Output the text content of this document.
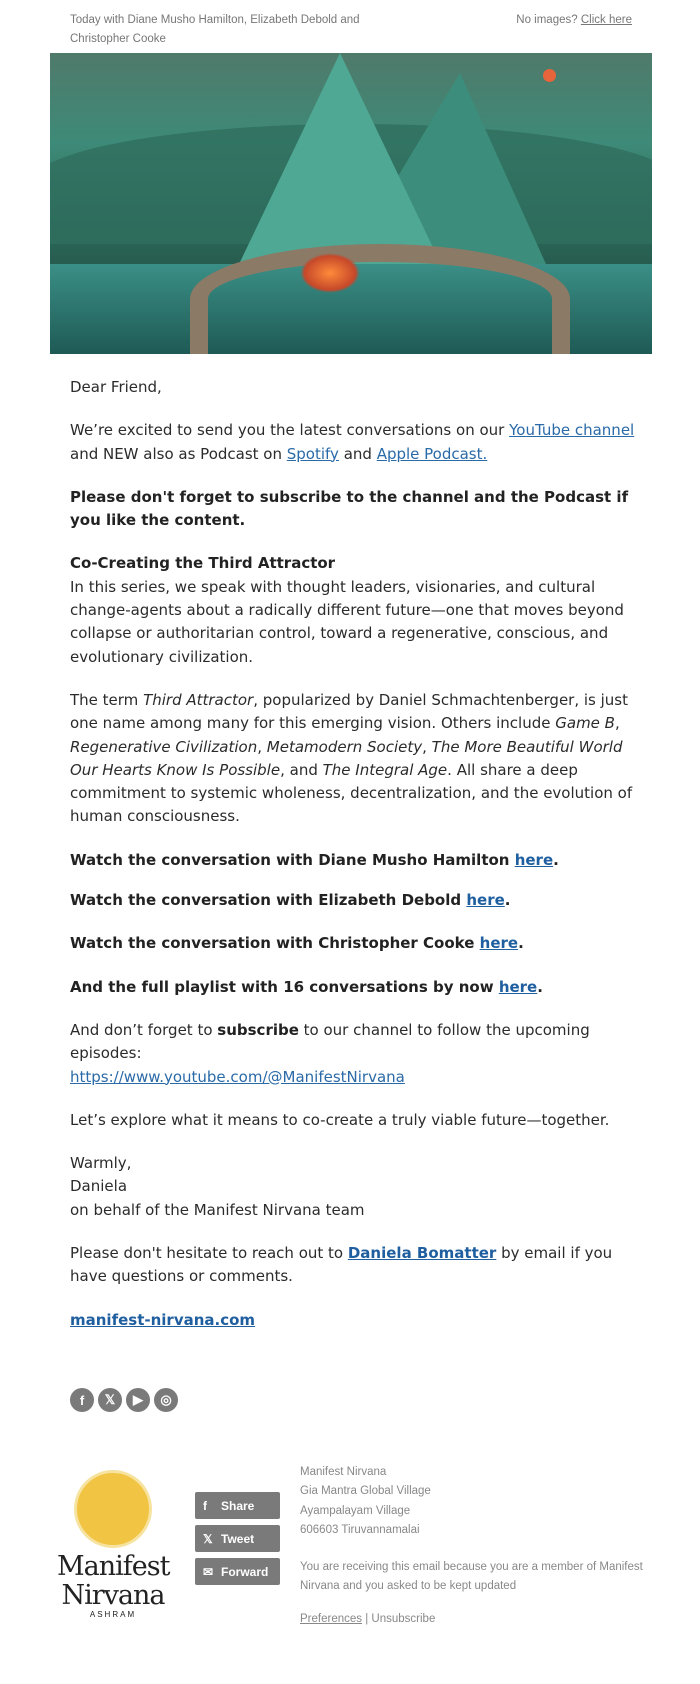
Today with Diane Musho Hamilton, Elizabeth Debold and Christopher Cooke
No images? Click here

Dear Friend,

We’re excited to send you the latest conversations on our YouTube channel and NEW also as Podcast on Spotify and Apple Podcast.

Please don't forget to subscribe to the channel and the Podcast if you like the content.

Co-Creating the Third Attractor
In this series, we speak with thought leaders, visionaries, and cultural change-agents about a radically different future—one that moves beyond collapse or authoritarian control, toward a regenerative, conscious, and evolutionary civilization.

The term Third Attractor, popularized by Daniel Schmachtenberger, is just one name among many for this emerging vision. Others include Game B, Regenerative Civilization, Metamodern Society, The More Beautiful World Our Hearts Know Is Possible, and The Integral Age. All share a deep commitment to systemic wholeness, decentralization, and the evolution of human consciousness.

Watch the conversation with Diane Musho Hamilton here.

Watch the conversation with Elizabeth Debold here.

Watch the conversation with Christopher Cooke here.

And the full playlist with 16 conversations by now here.

And don’t forget to subscribe to our channel to follow the upcoming episodes:
https://www.youtube.com/@ManifestNirvana

Let’s explore what it means to co-create a truly viable future—together.

Warmly,
Daniela
on behalf of the Manifest Nirvana team

Please don't hesitate to reach out to Daniela Bomatter by email if you have questions or comments.

manifest-nirvana.com

f	𝕏	▶	◎
Manifest
Nirvana
ASHRAM
f	Share
𝕏 Tweet
✉ Forward
Manifest Nirvana
Gia Mantra Global Village
Ayampalayam Village
606603 Tiruvannamalai
You are receiving this email because you are a member of Manifest Nirvana and you asked to be kept updated
Preferences | Unsubscribe
